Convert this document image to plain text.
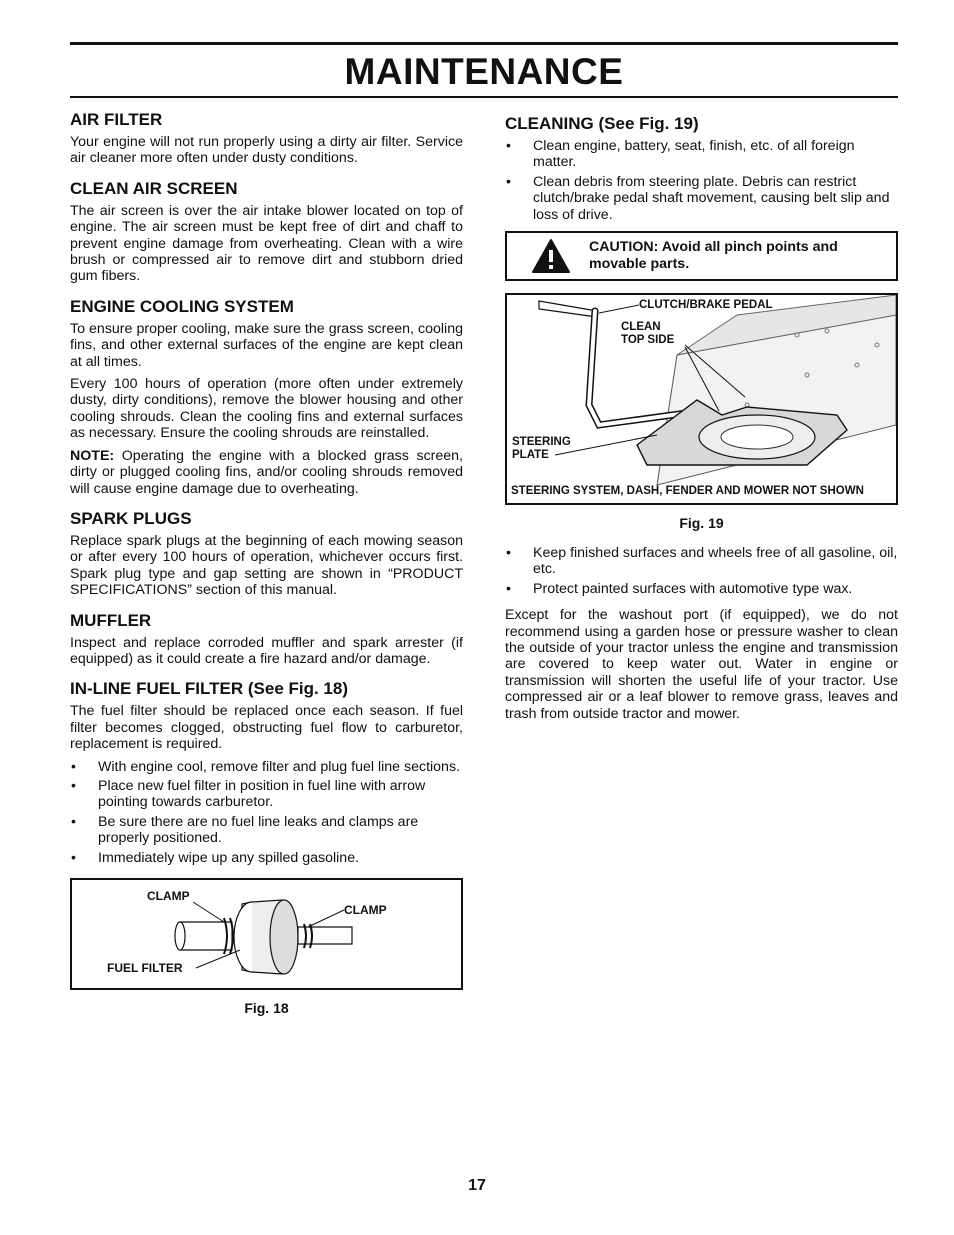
MAINTENANCE
AIR FILTER

Your engine will not run properly using a dirty air filter. Service air cleaner more often under dusty conditions.

CLEAN AIR SCREEN

The air screen is over the air intake blower located on top of engine. The air screen must be kept free of dirt and chaff to prevent engine damage from overheating. Clean with a wire brush or compressed air to remove dirt and stubborn dried gum fibers.

ENGINE COOLING SYSTEM

To ensure proper cooling, make sure the grass screen, cooling fins, and other external surfaces of the engine are kept clean at all times.

Every 100 hours of operation (more often under extremely dusty, dirty conditions), remove the blower housing and other cooling shrouds. Clean the cooling fins and external surfaces as necessary. Ensure the cooling shrouds are reinstalled.

NOTE: Operating the engine with a blocked grass screen, dirty or plugged cooling fins, and/or cooling shrouds removed will cause engine damage due to overheating.

SPARK PLUGS

Replace spark plugs at the beginning of each mowing season or after every 100 hours of operation, whichever occurs first. Spark plug type and gap setting are shown in “PRODUCT SPECIFICATIONS” section of this manual.

MUFFLER

Inspect and replace corroded muffler and spark arrester (if equipped) as it could create a fire hazard and/or damage.

IN-LINE FUEL FILTER (See Fig. 18)

The fuel filter should be replaced once each season. If fuel filter becomes clogged, obstructing fuel flow to carburetor, replacement is required.

• With engine cool, remove filter and plug fuel line sections.
• Place new fuel filter in position in fuel line with arrow pointing towards carburetor.
• Be sure there are no fuel line leaks and clamps are properly positioned.
• Immediately wipe up any spilled gasoline.
CLAMP
CLAMP
FUEL FILTER
Fig. 18
CLEANING (See Fig. 19)
• Clean engine, battery, seat, finish, etc. of all foreign matter.
• Clean debris from steering plate. Debris can restrict clutch/brake pedal shaft movement, causing belt slip and loss of drive.
CAUTION: Avoid all pinch points and movable parts.
CLUTCH/BRAKE PEDAL
CLEAN TOP SIDE
STEERING PLATE
STEERING SYSTEM, DASH, FENDER AND MOWER NOT SHOWN
Fig. 19
• Keep finished surfaces and wheels free of all gasoline, oil, etc.
• Protect painted surfaces with automotive type wax.

Except for the washout port (if equipped), we do not recommend using a garden hose or pressure washer to clean the outside of your tractor unless the engine and transmission are covered to keep water out. Water in engine or transmission will shorten the useful life of your tractor. Use compressed air or a leaf blower to remove grass, leaves and trash from outside tractor and mower.

17
